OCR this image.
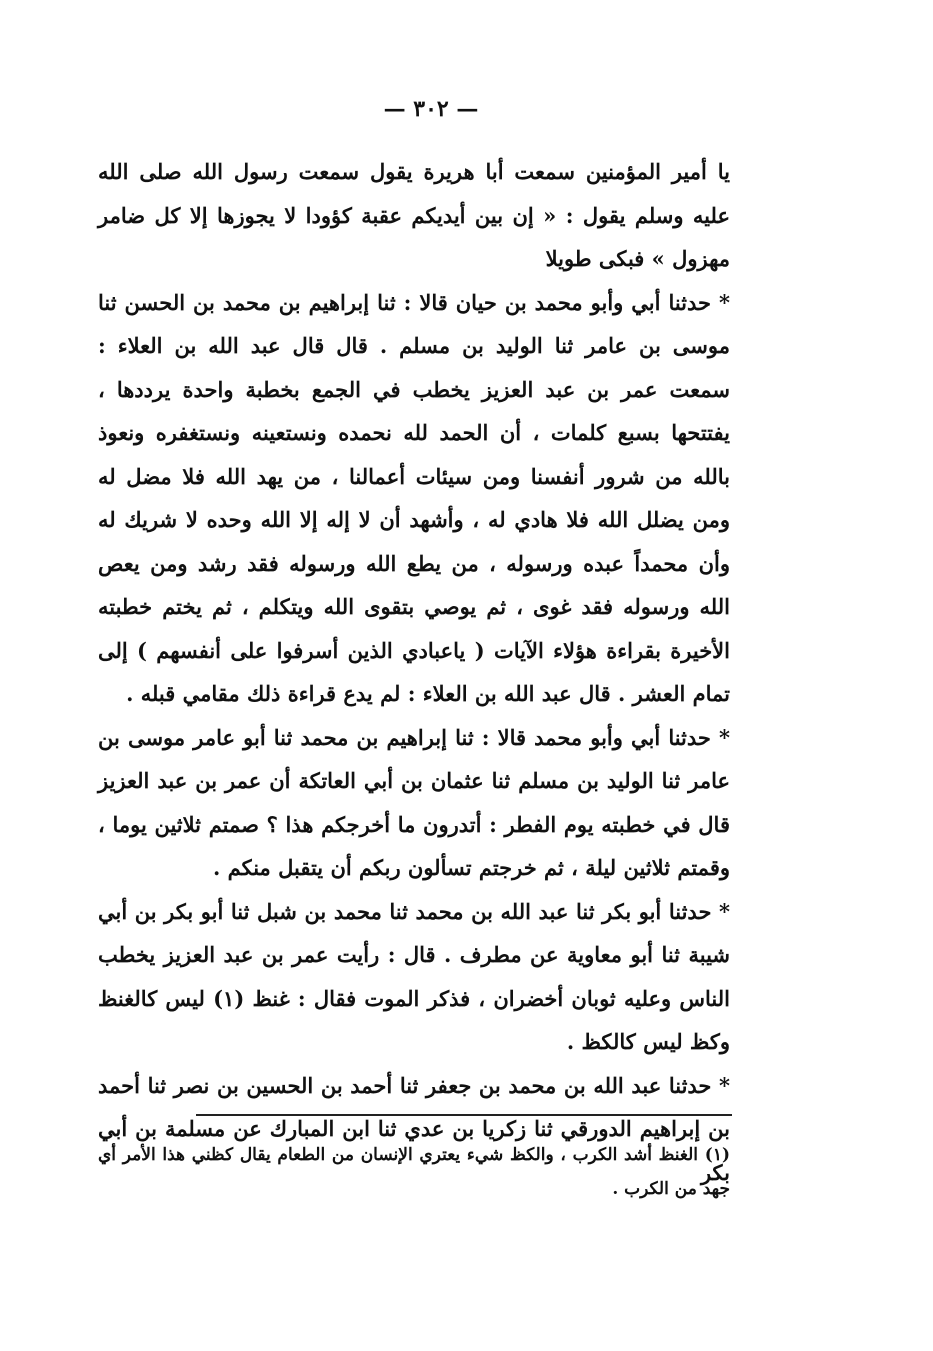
— ٣٠٢ —

يا أمير المؤمنين سمعت أبا هريرة يقول سمعت رسول الله صلى الله عليه وسلم يقول : « إن بين أيديكم عقبة كؤودا لا يجوزها إلا كل ضامر مهزول » فبكى طويلا

* حدثنا أبي وأبو محمد بن حيان قالا : ثنا إبراهيم بن محمد بن الحسن ثنا موسى بن عامر ثنا الوليد بن مسلم . قال قال عبد الله بن العلاء : سمعت عمر بن عبد العزيز يخطب في الجمع بخطبة واحدة يرددها ، يفتتحها بسبع كلمات ، أن الحمد لله نحمده ونستعينه ونستغفره ونعوذ بالله من شرور أنفسنا ومن سيئات أعمالنا ، من يهد الله فلا مضل له ومن يضلل الله فلا هادي له ، وأشهد أن لا إله إلا الله وحده لا شريك له وأن محمداً عبده ورسوله ، من يطع الله ورسوله فقد رشد ومن يعص الله ورسوله فقد غوى ، ثم يوصي بتقوى الله ويتكلم ، ثم يختم خطبته الأخيرة بقراءة هؤلاء الآيات ( ياعبادي الذين أسرفوا على أنفسهم ) إلى تمام العشر . قال عبد الله بن العلاء : لم يدع قراءة ذلك مقامي قبله .

* حدثنا أبي وأبو محمد قالا : ثنا إبراهيم بن محمد ثنا أبو عامر موسى بن عامر ثنا الوليد بن مسلم ثنا عثمان بن أبي العاتكة أن عمر بن عبد العزيز قال في خطبته يوم الفطر : أتدرون ما أخرجكم هذا ؟ صمتم ثلاثين يوما ، وقمتم ثلاثين ليلة ، ثم خرجتم تسألون ربكم أن يتقبل منكم .

* حدثنا أبو بكر ثنا عبد الله بن محمد ثنا محمد بن شبل ثنا أبو بكر بن أبي شيبة ثنا أبو معاوية عن مطرف . قال : رأيت عمر بن عبد العزيز يخطب الناس وعليه ثوبان أخضران ، فذكر الموت فقال : غنظ (١) ليس كالغنظ وكظ ليس كالكظ .

* حدثنا عبد الله بن محمد بن جعفر ثنا أحمد بن الحسين بن نصر ثنا أحمد بن إبراهيم الدورقي ثنا زكريا بن عدي ثنا ابن المبارك عن مسلمة بن أبي بكر

(١) الغنظ أشد الكرب ، والكظ شيء يعتري الإنسان من الطعام يقال كظني هذا الأمر أي جهد من الكرب .
